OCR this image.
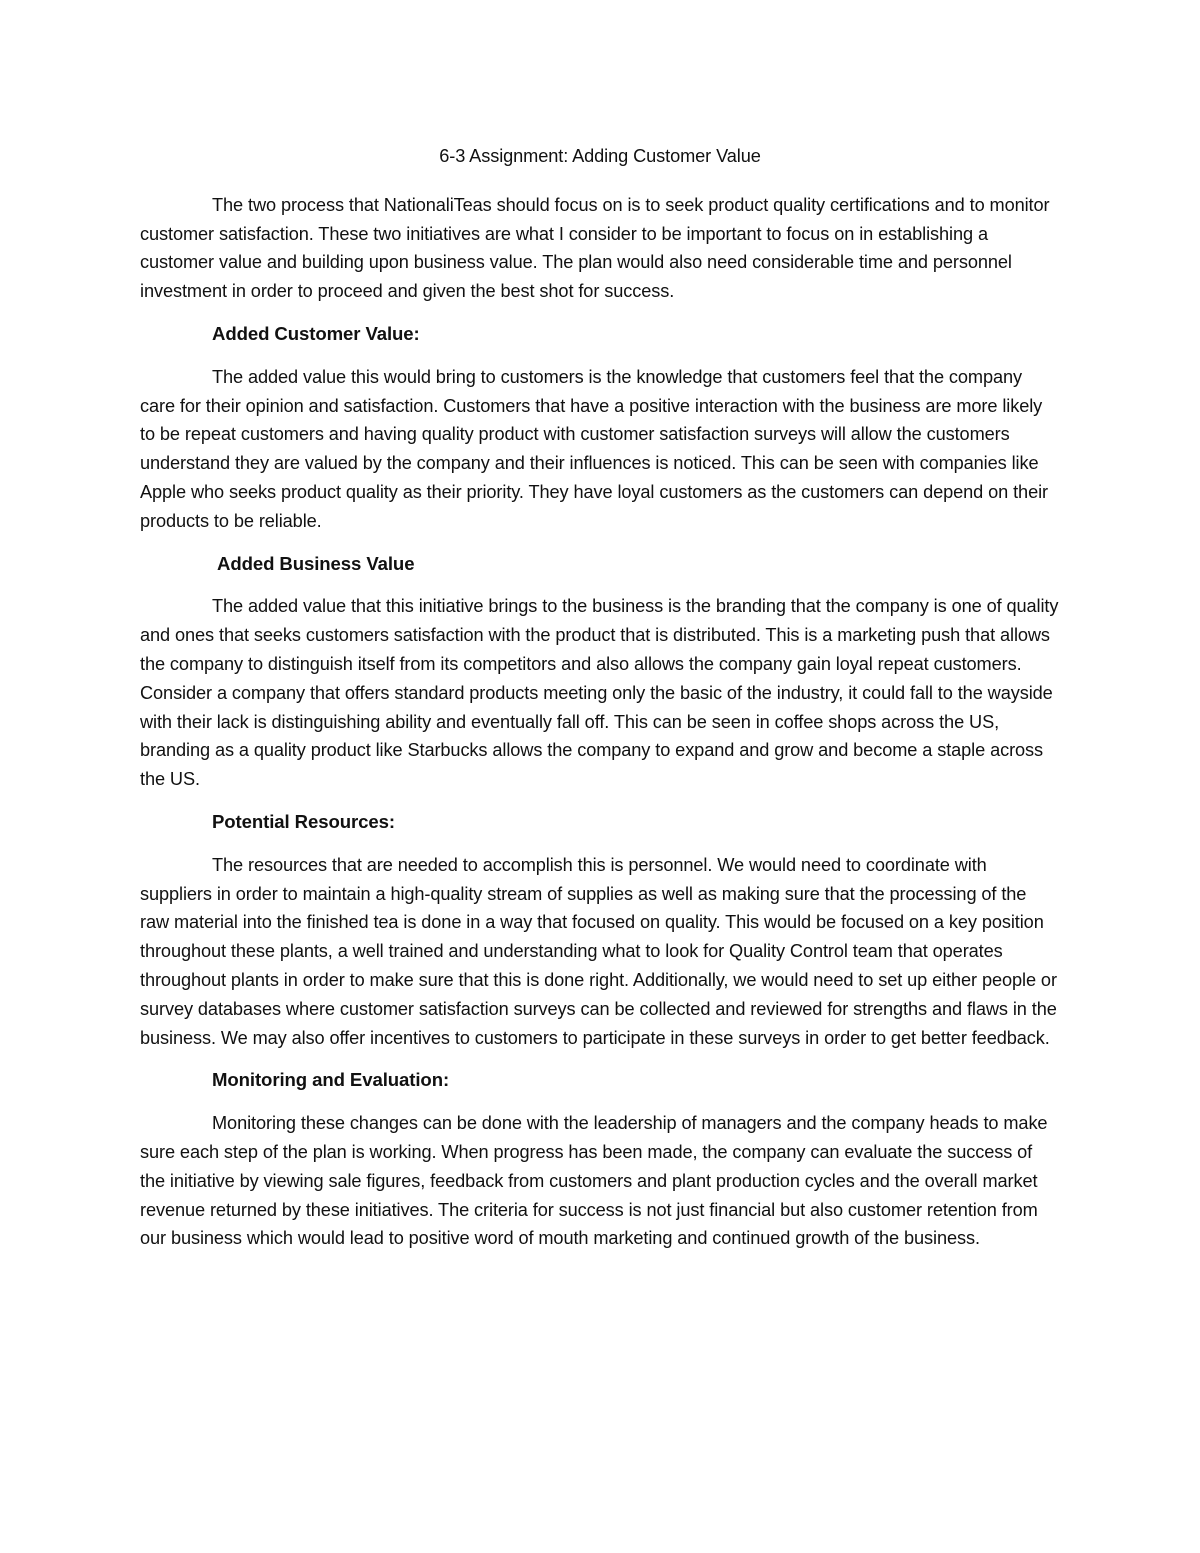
6-3 Assignment: Adding Customer Value

The two process that NationaliTeas should focus on is to seek product quality certifications and to monitor customer satisfaction. These two initiatives are what I consider to be important to focus on in establishing a customer value and building upon business value. The plan would also need considerable time and personnel investment in order to proceed and given the best shot for success.

Added Customer Value:

The added value this would bring to customers is the knowledge that customers feel that the company care for their opinion and satisfaction. Customers that have a positive interaction with the business are more likely to be repeat customers and having quality product with customer satisfaction surveys will allow the customers understand they are valued by the company and their influences is noticed. This can be seen with companies like Apple who seeks product quality as their priority. They have loyal customers as the customers can depend on their products to be reliable.

Added Business Value

The added value that this initiative brings to the business is the branding that the company is one of quality and ones that seeks customers satisfaction with the product that is distributed. This is a marketing push that allows the company to distinguish itself from its competitors and also allows the company gain loyal repeat customers. Consider a company that offers standard products meeting only the basic of the industry, it could fall to the wayside with their lack is distinguishing ability and eventually fall off. This can be seen in coffee shops across the US, branding as a quality product like Starbucks allows the company to expand and grow and become a staple across the US.

Potential Resources:

The resources that are needed to accomplish this is personnel. We would need to coordinate with suppliers in order to maintain a high-quality stream of supplies as well as making sure that the processing of the raw material into the finished tea is done in a way that focused on quality. This would be focused on a key position throughout these plants, a well trained and understanding what to look for Quality Control team that operates throughout plants in order to make sure that this is done right. Additionally, we would need to set up either people or survey databases where customer satisfaction surveys can be collected and reviewed for strengths and flaws in the business. We may also offer incentives to customers to participate in these surveys in order to get better feedback.

Monitoring and Evaluation:

Monitoring these changes can be done with the leadership of managers and the company heads to make sure each step of the plan is working. When progress has been made, the company can evaluate the success of the initiative by viewing sale figures, feedback from customers and plant production cycles and the overall market revenue returned by these initiatives. The criteria for success is not just financial but also customer retention from our business which would lead to positive word of mouth marketing and continued growth of the business.
